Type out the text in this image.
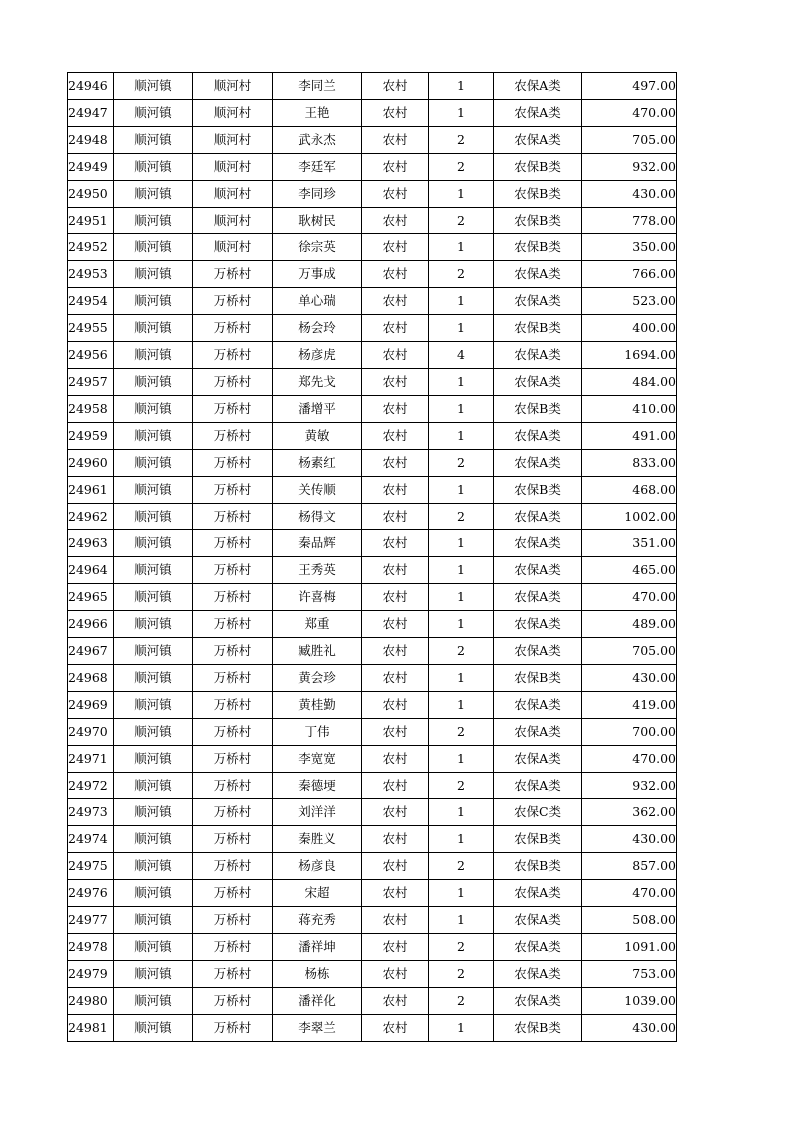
24946	顺河镇	顺河村	李同兰	农村	1	农保A类	497.00
24947	顺河镇	顺河村	王艳	农村	1	农保A类	470.00
24948	顺河镇	顺河村	武永杰	农村	2	农保A类	705.00
24949	顺河镇	顺河村	李廷军	农村	2	农保B类	932.00
24950	顺河镇	顺河村	李同珍	农村	1	农保B类	430.00
24951	顺河镇	顺河村	耿树民	农村	2	农保B类	778.00
24952	顺河镇	顺河村	徐宗英	农村	1	农保B类	350.00
24953	顺河镇	万桥村	万事成	农村	2	农保A类	766.00
24954	顺河镇	万桥村	单心瑞	农村	1	农保A类	523.00
24955	顺河镇	万桥村	杨会玲	农村	1	农保B类	400.00
24956	顺河镇	万桥村	杨彦虎	农村	4	农保A类	1694.00
24957	顺河镇	万桥村	郑先戈	农村	1	农保A类	484.00
24958	顺河镇	万桥村	潘增平	农村	1	农保B类	410.00
24959	顺河镇	万桥村	黄敏	农村	1	农保A类	491.00
24960	顺河镇	万桥村	杨素红	农村	2	农保A类	833.00
24961	顺河镇	万桥村	关传顺	农村	1	农保B类	468.00
24962	顺河镇	万桥村	杨得文	农村	2	农保A类	1002.00
24963	顺河镇	万桥村	秦品辉	农村	1	农保A类	351.00
24964	顺河镇	万桥村	王秀英	农村	1	农保A类	465.00
24965	顺河镇	万桥村	许喜梅	农村	1	农保A类	470.00
24966	顺河镇	万桥村	郑重	农村	1	农保A类	489.00
24967	顺河镇	万桥村	臧胜礼	农村	2	农保A类	705.00
24968	顺河镇	万桥村	黄会珍	农村	1	农保B类	430.00
24969	顺河镇	万桥村	黄桂勤	农村	1	农保A类	419.00
24970	顺河镇	万桥村	丁伟	农村	2	农保A类	700.00
24971	顺河镇	万桥村	李宽宽	农村	1	农保A类	470.00
24972	顺河镇	万桥村	秦德埂	农村	2	农保A类	932.00
24973	顺河镇	万桥村	刘洋洋	农村	1	农保C类	362.00
24974	顺河镇	万桥村	秦胜义	农村	1	农保B类	430.00
24975	顺河镇	万桥村	杨彦良	农村	2	农保B类	857.00
24976	顺河镇	万桥村	宋超	农村	1	农保A类	470.00
24977	顺河镇	万桥村	蒋充秀	农村	1	农保A类	508.00
24978	顺河镇	万桥村	潘祥坤	农村	2	农保A类	1091.00
24979	顺河镇	万桥村	杨栋	农村	2	农保A类	753.00
24980	顺河镇	万桥村	潘祥化	农村	2	农保A类	1039.00
24981	顺河镇	万桥村	李翠兰	农村	1	农保B类	430.00
